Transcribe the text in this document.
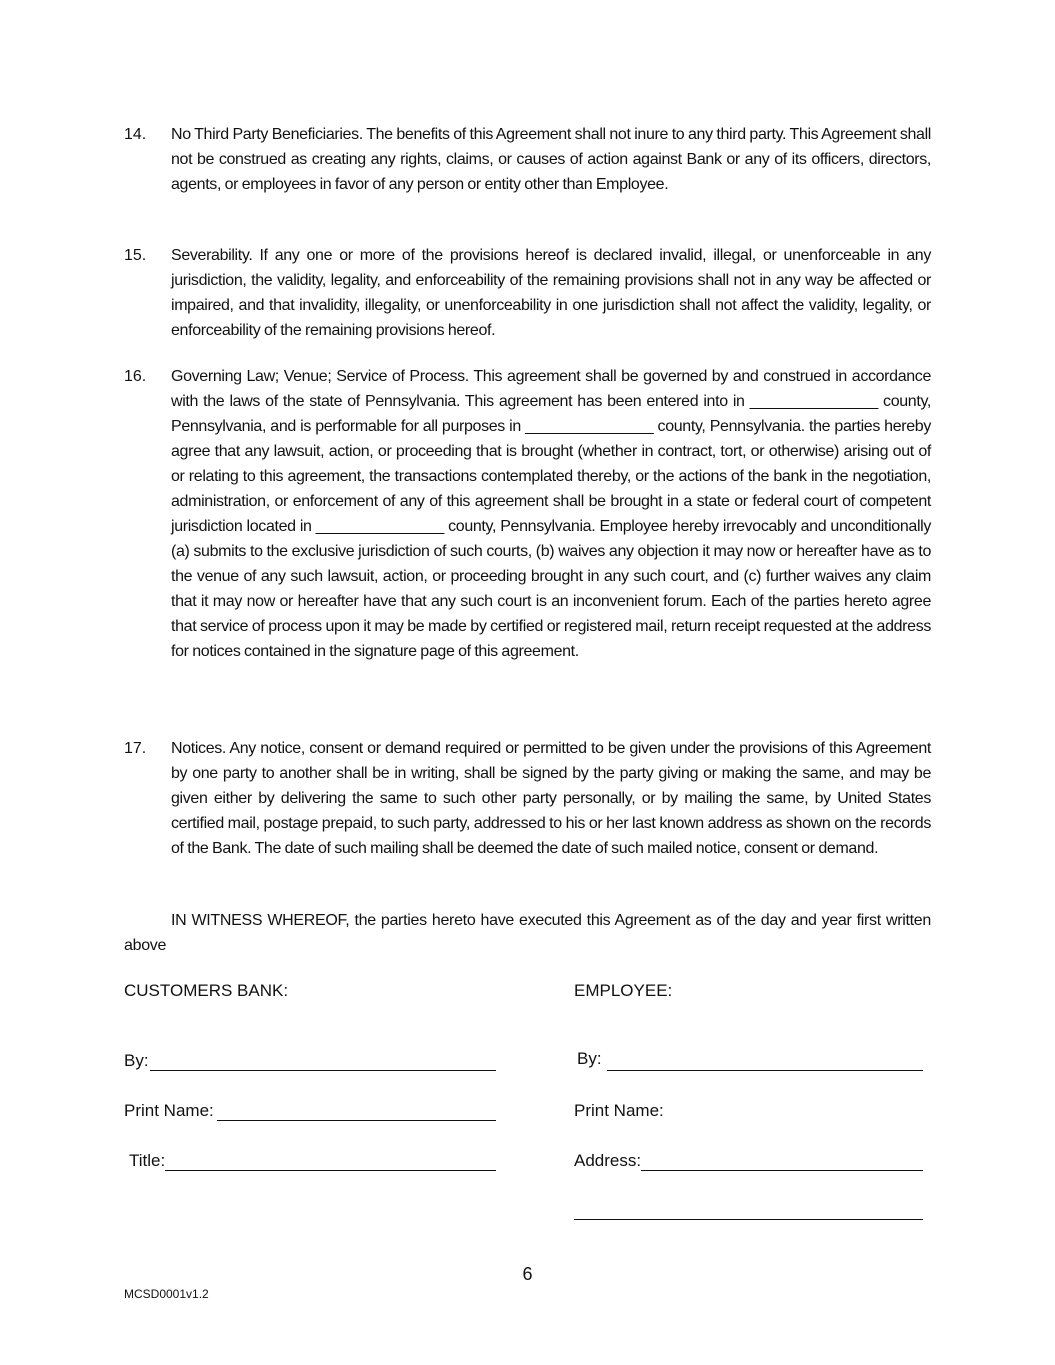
14. No Third Party Beneficiaries. The benefits of this Agreement shall not inure to any third party. This Agreement shall not be construed as creating any rights, claims, or causes of action against Bank or any of its officers, directors, agents, or employees in favor of any person or entity other than Employee.
15. Severability. If any one or more of the provisions hereof is declared invalid, illegal, or unenforceable in any jurisdiction, the validity, legality, and enforceability of the remaining provisions shall not in any way be affected or impaired, and that invalidity, illegality, or unenforceability in one jurisdiction shall not affect the validity, legality, or enforceability of the remaining provisions hereof.
16. Governing Law; Venue; Service of Process. This agreement shall be governed by and construed in accordance with the laws of the state of Pennsylvania. This agreement has been entered into in _______________ county, Pennsylvania, and is performable for all purposes in _______________ county, Pennsylvania. the parties hereby agree that any lawsuit, action, or proceeding that is brought (whether in contract, tort, or otherwise) arising out of or relating to this agreement, the transactions contemplated thereby, or the actions of the bank in the negotiation, administration, or enforcement of any of this agreement shall be brought in a state or federal court of competent jurisdiction located in _______________ county, Pennsylvania. Employee hereby irrevocably and unconditionally (a) submits to the exclusive jurisdiction of such courts, (b) waives any objection it may now or hereafter have as to the venue of any such lawsuit, action, or proceeding brought in any such court, and (c) further waives any claim that it may now or hereafter have that any such court is an inconvenient forum. Each of the parties hereto agree that service of process upon it may be made by certified or registered mail, return receipt requested at the address for notices contained in the signature page of this agreement.
17. Notices. Any notice, consent or demand required or permitted to be given under the provisions of this Agreement by one party to another shall be in writing, shall be signed by the party giving or making the same, and may be given either by delivering the same to such other party personally, or by mailing the same, by United States certified mail, postage prepaid, to such party, addressed to his or her last known address as shown on the records of the Bank. The date of such mailing shall be deemed the date of such mailed notice, consent or demand.
IN WITNESS WHEREOF, the parties hereto have executed this Agreement as of the day and year first written above
CUSTOMERS BANK:	EMPLOYEE:
By:
Print Name:
Title:
By:
Print Name:
Address:
6
MCSD0001v1.2
